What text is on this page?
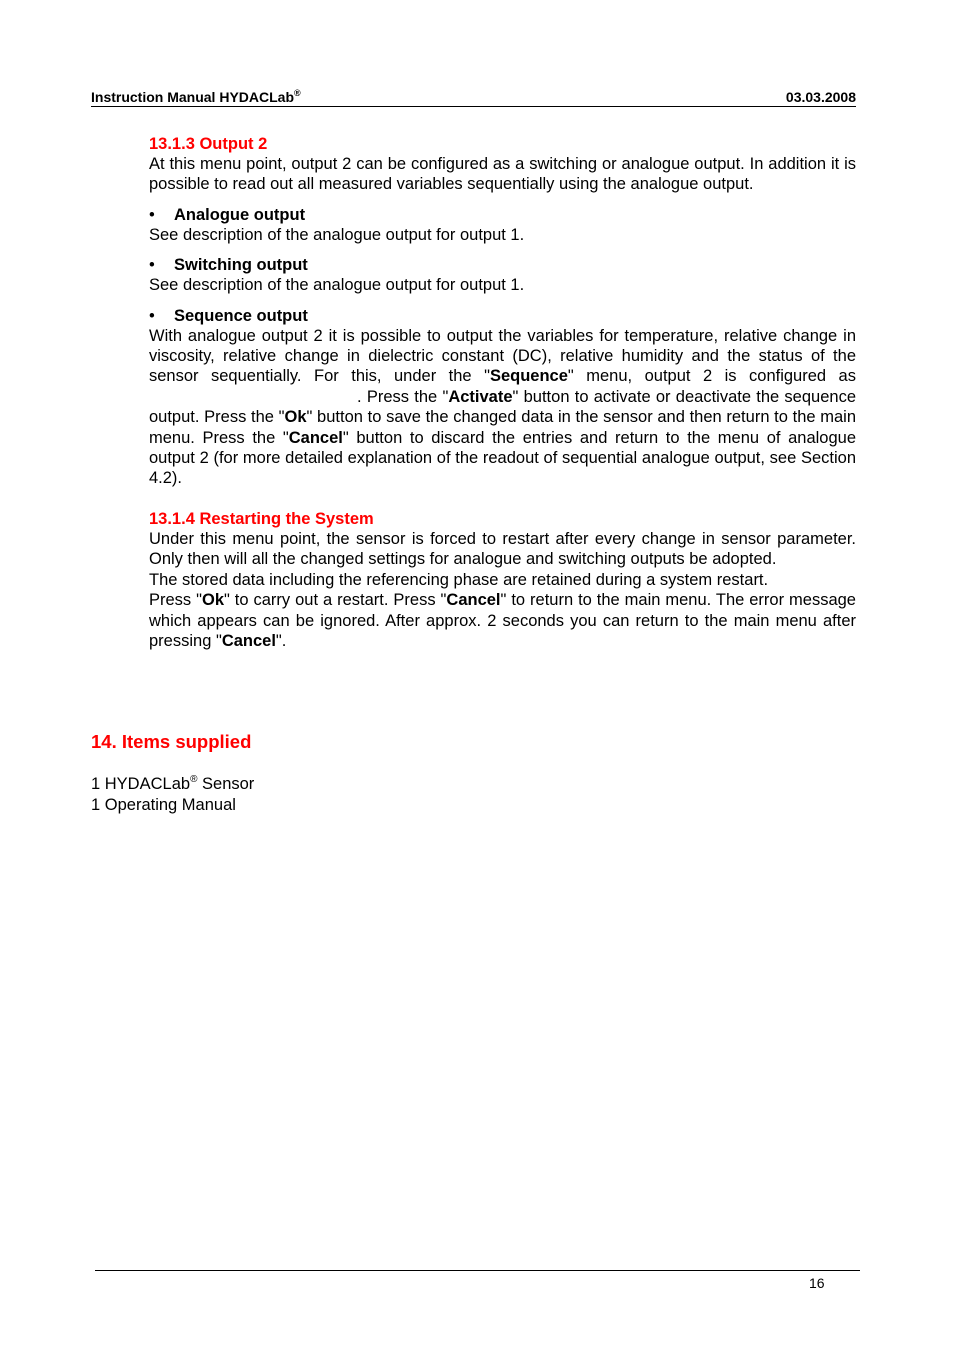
Instruction Manual HYDACLab®	03.03.2008

13.1.3 Output 2

At this menu point, output 2 can be configured as a switching or analogue output. In addition it is possible to read out all measured variables sequentially using the analogue output.

• Analogue output

See description of the analogue output for output 1.

• Switching output

See description of the analogue output for output 1.

• Sequence output

With analogue output 2 it is possible to output the variables for temperature, relative change in viscosity, relative change in dielectric constant (DC), relative humidity and the status of the sensor sequentially. For this, under the "Sequence" menu, output 2 is configured as. Press the "Activate" button to activate or deactivate the sequence output. Press the "Ok" button to save the changed data in the sensor and then return to the main menu. Press the "Cancel" button to discard the entries and return to the menu of analogue output 2 (for more detailed explanation of the readout of sequential analogue output, see Section 4.2).

13.1.4 Restarting the System

Under this menu point, the sensor is forced to restart after every change in sensor parameter. Only then will all the changed settings for analogue and switching outputs be adopted.

The stored data including the referencing phase are retained during a system restart.

Press "Ok" to carry out a restart. Press "Cancel" to return to the main menu. The error message which appears can be ignored. After approx. 2 seconds you can return to the main menu after pressing "Cancel".

14. Items supplied

1 HYDACLab® Sensor
1 Operating Manual
16
